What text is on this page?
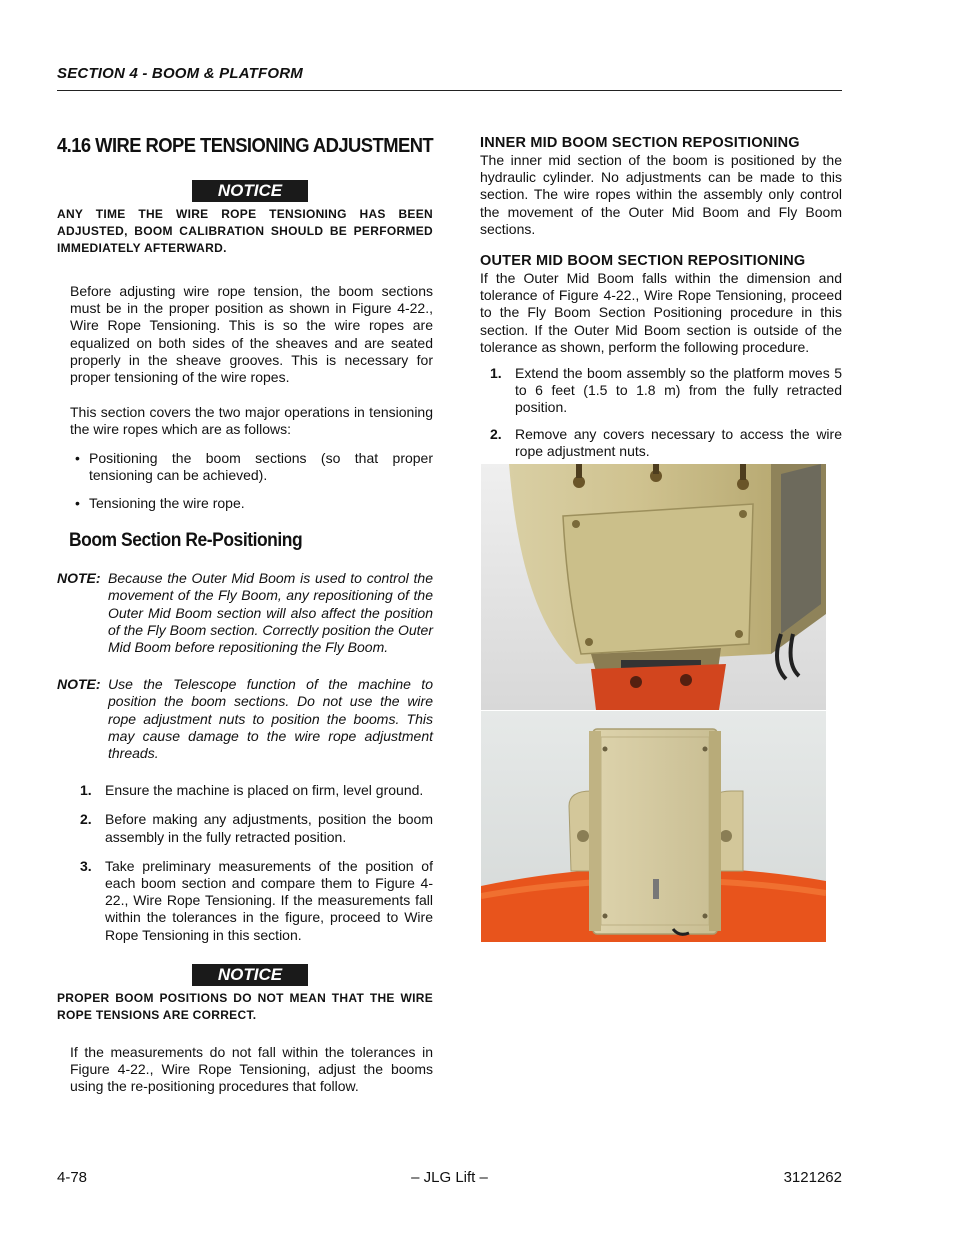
SECTION 4 - BOOM & PLATFORM
4.16 WIRE ROPE TENSIONING ADJUSTMENT
NOTICE
ANY TIME THE WIRE ROPE TENSIONING HAS BEEN ADJUSTED, BOOM CALIBRATION SHOULD BE PERFORMED IMMEDIATELY AFTERWARD.

Before adjusting wire rope tension, the boom sections must be in the proper position as shown in Figure 4-22., Wire Rope Tensioning. This is so the wire ropes are equalized on both sides of the sheaves and are seated properly in the sheave grooves. This is necessary for proper tensioning of the wire ropes.

This section covers the two major operations in tensioning the wire ropes which are as follows:

• Positioning the boom sections (so that proper tensioning can be achieved).
• Tensioning the wire rope.
Boom Section Re-Positioning
NOTE: Because the Outer Mid Boom is used to control the movement of the Fly Boom, any repositioning of the Outer Mid Boom section will also affect the position of the Fly Boom section. Correctly position the Outer Mid Boom before repositioning the Fly Boom.
NOTE: Use the Telescope function of the machine to position the boom sections. Do not use the wire rope adjustment nuts to position the booms. This may cause damage to the wire rope adjustment threads.
1. Ensure the machine is placed on firm, level ground.
2. Before making any adjustments, position the boom assembly in the fully retracted position.
3. Take preliminary measurements of the position of each boom section and compare them to Figure 4-22., Wire Rope Tensioning. If the measurements fall within the tolerances in the figure, proceed to Wire Rope Tensioning in this section.
NOTICE
PROPER BOOM POSITIONS DO NOT MEAN THAT THE WIRE ROPE TENSIONS ARE CORRECT.

If the measurements do not fall within the tolerances in Figure 4-22., Wire Rope Tensioning, adjust the booms using the re-positioning procedures that follow.

INNER MID BOOM SECTION REPOSITIONING

The inner mid section of the boom is positioned by the hydraulic cylinder. No adjustments can be made to this section. The wire ropes within the assembly only control the movement of the Outer Mid Boom and Fly Boom sections.

OUTER MID BOOM SECTION REPOSITIONING

If the Outer Mid Boom falls within the dimension and tolerance of Figure 4-22., Wire Rope Tensioning, proceed to the Fly Boom Section Positioning procedure in this section. If the Outer Mid Boom section is outside of the tolerance as shown, perform the following procedure.

1. Extend the boom assembly so the platform moves 5 to 6 feet (1.5 to 1.8 m) from the fully retracted position.
2. Remove any covers necessary to access the wire rope adjustment nuts.
4-78	– JLG Lift –	3121262
